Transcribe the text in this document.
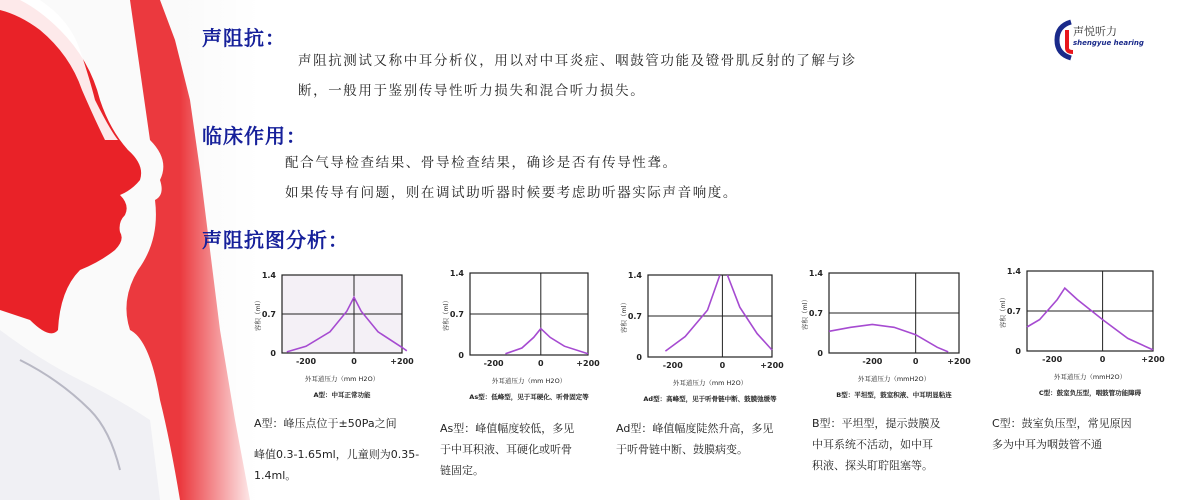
声悦听力
shengyue hearing
声阻抗：
声阻抗测试又称中耳分析仪，用以对中耳炎症、咽鼓管功能及镫骨肌反射的了解与诊
断，一般用于鉴别传导性听力损失和混合听力损失。
临床作用：
配合气导检查结果、骨导检查结果，确诊是否有传导性聋。
如果传导有问题，则在调试助听器时候要考虑助听器实际声音响度。
声阻抗图分析：
1.4
0.7
0
-200	0	+200
容积（ml）
外耳道压力（mm H2O）
A型：中耳正常功能
1.4
0.7
0
-200	0	+200
容积（ml）
外耳道压力（mm H2O）
As型：低峰型，见于耳硬化、听骨固定等
1.4
0.7
0
-200	0	+200
容积（ml）
外耳道压力（mm H2O）
Ad型：高峰型，见于听骨链中断、鼓膜弛缓等
1.4
0.7
0
-200	0	+200
容积（ml）
外耳道压力（mmH2O）
B型：平坦型，鼓室积液、中耳明显粘连
1.4
0.7
0
-200	0	+200
容积（ml）
外耳道压力（mmH2O）
C型：鼓室负压型，咽鼓管功能障碍
A型：峰压点位于±50Pa之间
峰值0.3-1.65ml，儿童则为0.35-1.4ml。
As型：峰值幅度较低，多见
于中耳积液、耳硬化或听骨
链固定。
Ad型：峰值幅度陡然升高，多见
于听骨链中断、鼓膜病变。
B型：平坦型，提示鼓膜及
中耳系统不活动，如中耳
积液、探头耵聍阻塞等。
C型：鼓室负压型，常见原因
多为中耳为咽鼓管不通
